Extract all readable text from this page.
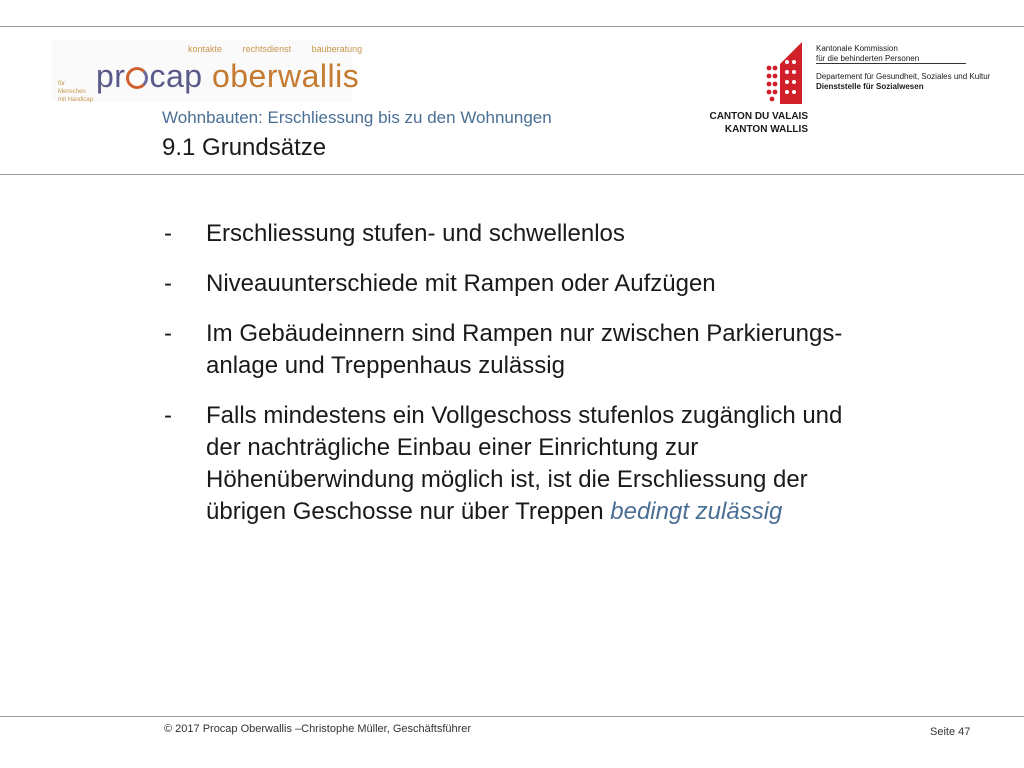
kontakte rechtsdienst bauberatung
für Menschen mit Handicap
pr cap oberwallis
CANTON DU VALAIS
KANTON WALLIS
Kantonale Kommission
für die behinderten Personen
Departement für Gesundheit, Soziales und Kultur
Dienststelle für Sozialwesen
Wohnbauten: Erschliessung bis zu den Wohnungen
9.1 Grundsätze
- Erschliessung stufen- und schwellenlos
- Niveauunterschiede mit Rampen oder Aufzügen
- Im Gebäudeinnern sind Rampen nur zwischen Parkierungs-
anlage und Treppenhaus zulässig
- Falls mindestens ein Vollgeschoss stufenlos zugänglich und
der nachträgliche Einbau einer Einrichtung zur
Höhenüberwindung möglich ist, ist die Erschliessung der
übrigen Geschosse nur über Treppen bedingt zulässig
© 2017 Procap Oberwallis –Christophe Müller, Geschäftsführer	Seite 47
